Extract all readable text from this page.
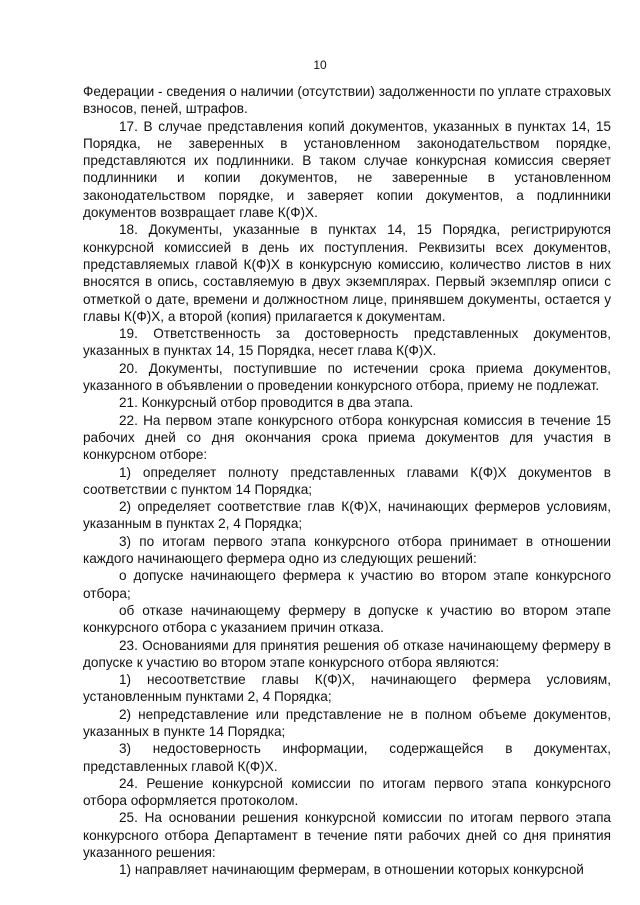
10

Федерации - сведения о наличии (отсутствии) задолженности по уплате страховых взносов, пеней, штрафов.

17. В случае представления копий документов, указанных в пунктах 14, 15 Порядка, не заверенных в установленном законодательством порядке, представляются их подлинники. В таком случае конкурсная комиссия сверяет подлинники и копии документов, не заверенные в установленном законодательством порядке, и заверяет копии документов, а подлинники документов возвращает главе К(Ф)Х.

18. Документы, указанные в пунктах 14, 15 Порядка, регистрируются конкурсной комиссией в день их поступления. Реквизиты всех документов, представляемых главой К(Ф)Х в конкурсную комиссию, количество листов в них вносятся в опись, составляемую в двух экземплярах. Первый экземпляр описи с отметкой о дате, времени и должностном лице, принявшем документы, остается у главы К(Ф)Х, а второй (копия) прилагается к документам.

19. Ответственность за достоверность представленных документов, указанных в пунктах 14, 15 Порядка, несет глава К(Ф)Х.

20. Документы, поступившие по истечении срока приема документов, указанного в объявлении о проведении конкурсного отбора, приему не подлежат.

21. Конкурсный отбор проводится в два этапа.

22. На первом этапе конкурсного отбора конкурсная комиссия в течение 15 рабочих дней со дня окончания срока приема документов для участия в конкурсном отборе:

1) определяет полноту представленных главами К(Ф)Х документов в соответствии с пунктом 14 Порядка;

2) определяет соответствие глав К(Ф)Х, начинающих фермеров условиям, указанным в пунктах 2, 4 Порядка;

3) по итогам первого этапа конкурсного отбора принимает в отношении каждого начинающего фермера одно из следующих решений:

о допуске начинающего фермера к участию во втором этапе конкурсного отбора;

об отказе начинающему фермеру в допуске к участию во втором этапе конкурсного отбора с указанием причин отказа.

23. Основаниями для принятия решения об отказе начинающему фермеру в допуске к участию во втором этапе конкурсного отбора являются:

1) несоответствие главы К(Ф)Х, начинающего фермера условиям, установленным пунктами 2, 4 Порядка;

2) непредставление или представление не в полном объеме документов, указанных в пункте 14 Порядка;

3) недостоверность информации, содержащейся в документах, представленных главой К(Ф)Х.

24. Решение конкурсной комиссии по итогам первого этапа конкурсного отбора оформляется протоколом.

25. На основании решения конкурсной комиссии по итогам первого этапа конкурсного отбора Департамент в течение пяти рабочих дней со дня принятия указанного решения:

1) направляет начинающим фермерам, в отношении которых конкурсной
